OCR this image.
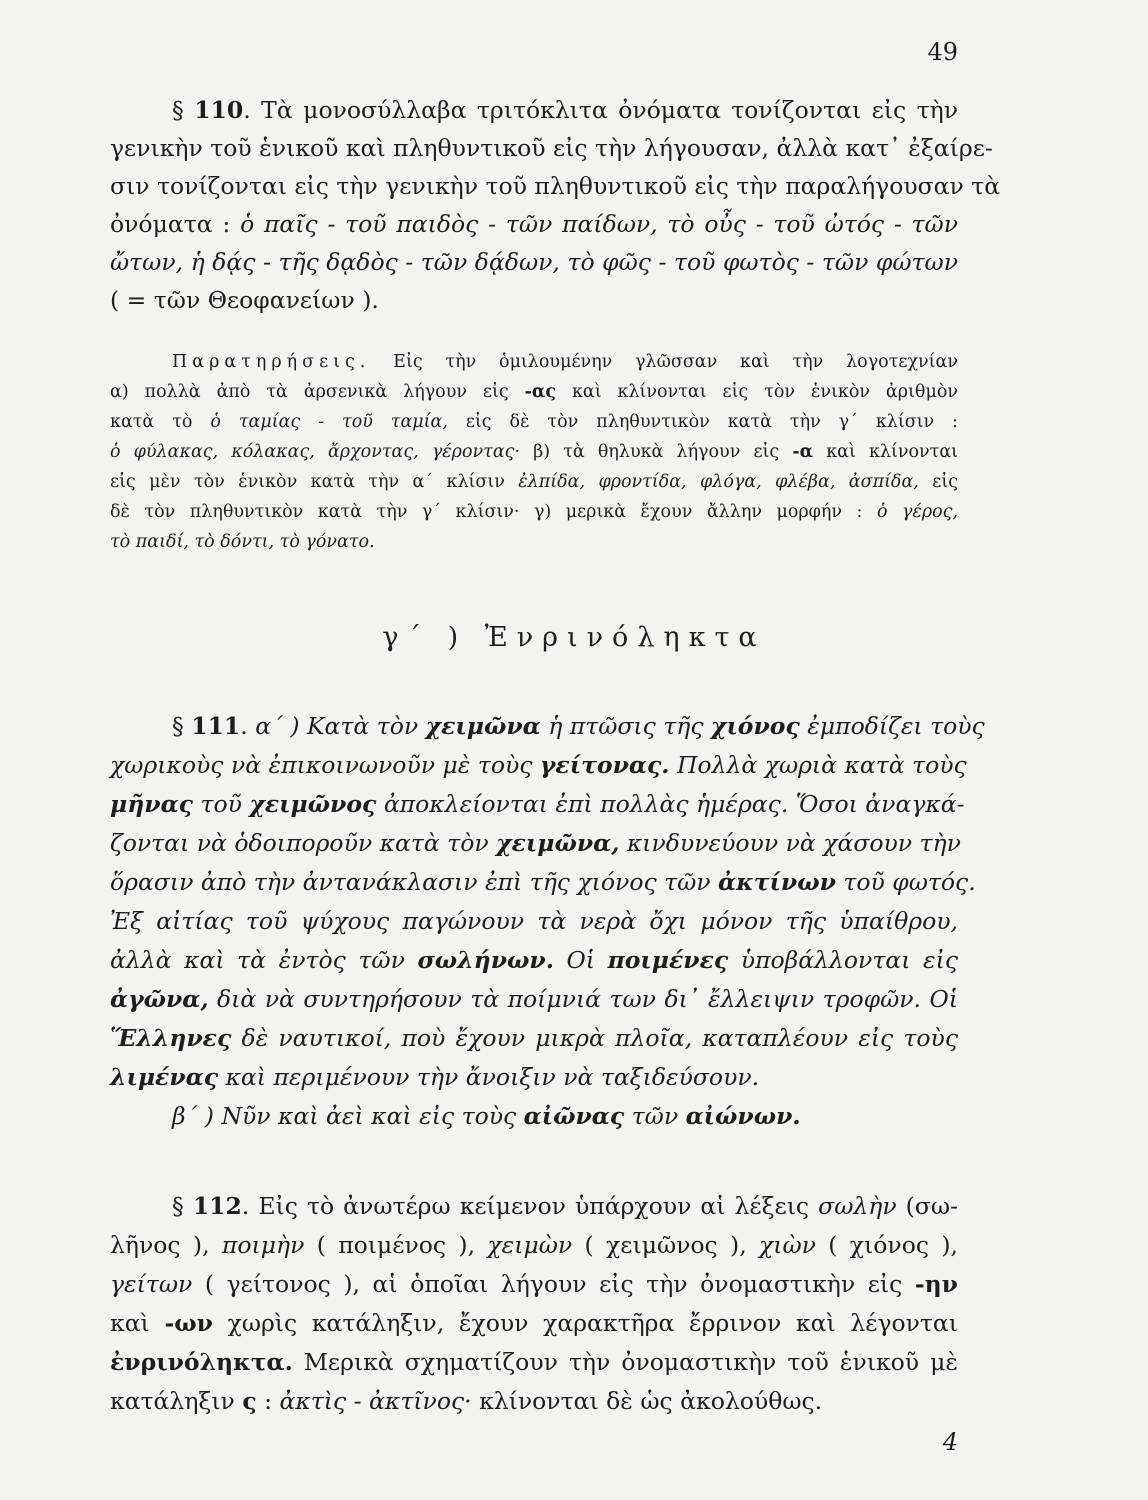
49
§ 110. Τὰ μονοσύλλαβα τριτόκλιτα ὀνόματα τονίζονται εἰς τὴν
γενικὴν τοῦ ἑνικοῦ καὶ πληθυντικοῦ εἰς τὴν λήγουσαν, ἀλλὰ κατ᾽ ἐξαίρε-
σιν τονίζονται εἰς τὴν γενικὴν τοῦ πληθυντικοῦ εἰς τὴν παραλήγουσαν τὰ
ὀνόματα : ὁ παῖς - τοῦ παιδὸς - τῶν παίδων, τὸ οὖς - τοῦ ὠτός - τῶν
ὤτων, ἡ δᾴς - τῆς δᾳδὸς - τῶν δᾴδων, τὸ φῶς - τοῦ φωτὸς - τῶν φώτων
( = τῶν Θεοφανείων ).
Παρατηρήσεις. Εἰς τὴν ὁμιλουμένην γλῶσσαν καὶ τὴν λογοτεχνίαν
α) πολλὰ ἀπὸ τὰ ἀρσενικὰ λήγουν εἰς -ας καὶ κλίνονται εἰς τὸν ἑνικὸν ἀριθμὸν
κατὰ τὸ ὁ ταμίας - τοῦ ταμία, εἰς δὲ τὸν πληθυντικὸν κατὰ τὴν γ΄ κλίσιν :
ὁ φύλακας, κόλακας, ἄρχοντας, γέροντας· β) τὰ θηλυκὰ λήγουν εἰς -α καὶ κλίνονται
εἰς μὲν τὸν ἑνικὸν κατὰ τὴν α΄ κλίσιν ἐλπίδα, φροντίδα, φλόγα, φλέβα, ἀσπίδα, εἰς
δὲ τὸν πληθυντικὸν κατὰ τὴν γ΄ κλίσιν· γ) μερικὰ ἔχουν ἄλλην μορφήν : ὁ γέρος,
τὸ παιδί, τὸ δόντι, τὸ γόνατο.
γ΄ ) Ἐνρινόληκτα
§ 111. α΄ ) Κατὰ τὸν χειμῶνα ἡ πτῶσις τῆς χιόνος ἐμποδίζει τοὺς
χωρικοὺς νὰ ἐπικοινωνοῦν μὲ τοὺς γείτονας. Πολλὰ χωριὰ κατὰ τοὺς
μῆνας τοῦ χειμῶνος ἀποκλείονται ἐπὶ πολλὰς ἡμέρας. Ὅσοι ἀναγκά-
ζονται νὰ ὁδοιποροῦν κατὰ τὸν χειμῶνα, κινδυνεύουν νὰ χάσουν τὴν
ὅρασιν ἀπὸ τὴν ἀντανάκλασιν ἐπὶ τῆς χιόνος τῶν ἀκτίνων τοῦ φωτός.
Ἐξ αἰτίας τοῦ ψύχους παγώνουν τὰ νερὰ ὄχι μόνον τῆς ὑπαίθρου,
ἀλλὰ καὶ τὰ ἐντὸς τῶν σωλήνων. Οἱ ποιμένες ὑποβάλλονται εἰς
ἀγῶνα, διὰ νὰ συντηρήσουν τὰ ποίμνιά των δι᾽ ἔλλειψιν τροφῶν. Οἱ
Ἕλληνες δὲ ναυτικοί, ποὺ ἔχουν μικρὰ πλοῖα, καταπλέουν εἰς τοὺς
λιμένας καὶ περιμένουν τὴν ἄνοιξιν νὰ ταξιδεύσουν.
β΄ ) Νῦν καὶ ἀεὶ καὶ εἰς τοὺς αἰῶνας τῶν αἰώνων.
§ 112. Εἰς τὸ ἀνωτέρω κείμενον ὑπάρχουν αἱ λέξεις σωλὴν (σω-
λῆνος ), ποιμὴν ( ποιμένος ), χειμὼν ( χειμῶνος ), χιὼν ( χιόνος ),
γείτων ( γείτονος ), αἱ ὁποῖαι λήγουν εἰς τὴν ὀνομαστικὴν εἰς -ην
καὶ -ων χωρὶς κατάληξιν, ἔχουν χαρακτῆρα ἔρρινον καὶ λέγονται
ἐνρινόληκτα. Μερικὰ σχηματίζουν τὴν ὀνομαστικὴν τοῦ ἑνικοῦ μὲ
κατάληξιν ς : ἀκτὶς - ἀκτῖνος· κλίνονται δὲ ὡς ἀκολούθως.
4
